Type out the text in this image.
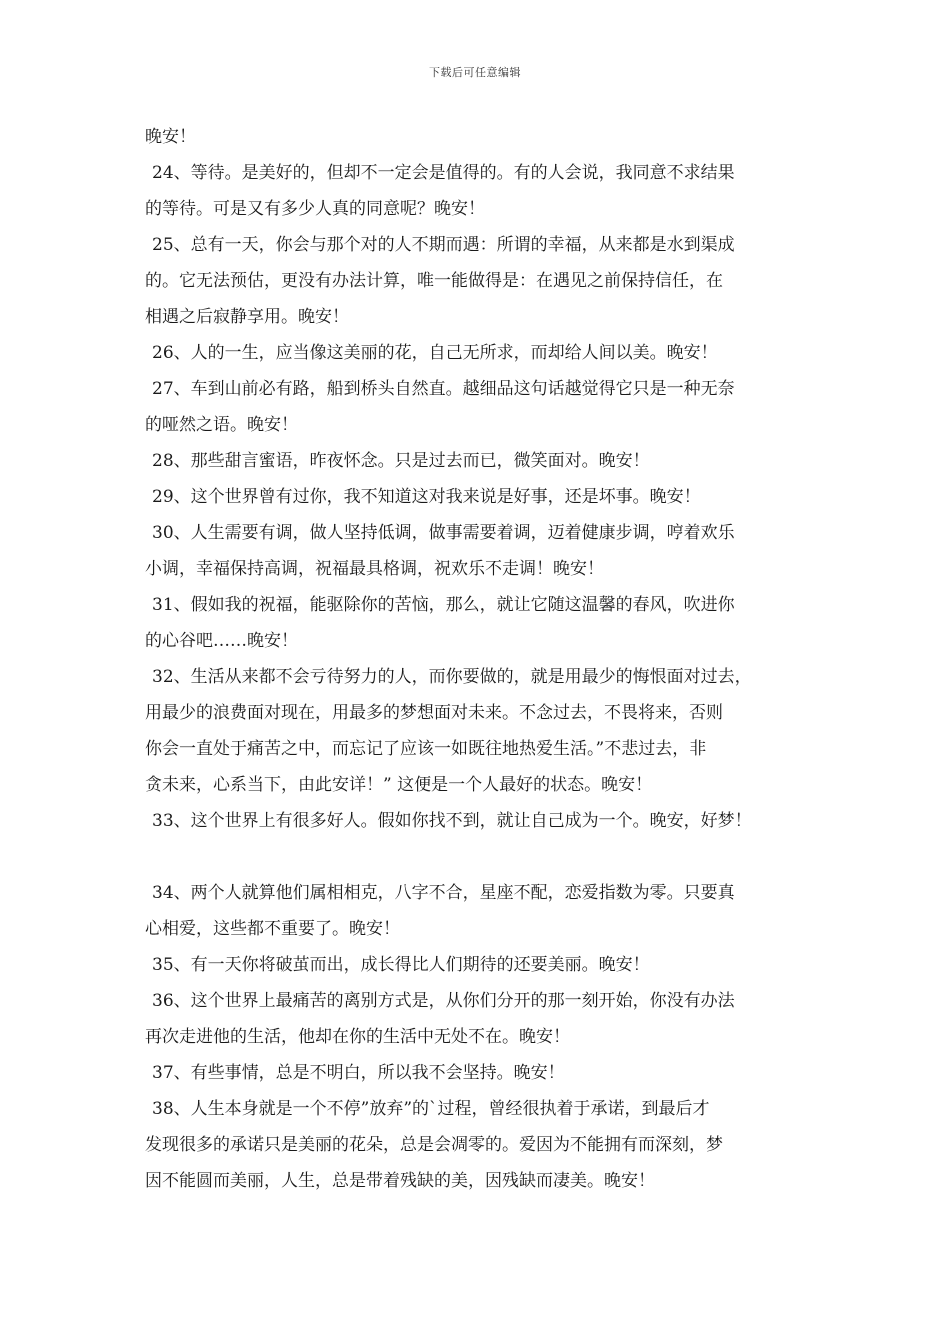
下载后可任意编辑
晚安！
24、等待。是美好的，但却不一定会是值得的。有的人会说，我同意不求结果
的等待。可是又有多少人真的同意呢？晚安！
25、总有一天，你会与那个对的人不期而遇：所谓的幸福，从来都是水到渠成
的。它无法预估，更没有办法计算，唯一能做得是：在遇见之前保持信任，在
相遇之后寂静享用。晚安！
26、人的一生，应当像这美丽的花，自己无所求，而却给人间以美。晚安！
27、车到山前必有路，船到桥头自然直。越细品这句话越觉得它只是一种无奈
的哑然之语。晚安！
28、那些甜言蜜语，昨夜怀念。只是过去而已，微笑面对。晚安！
29、这个世界曾有过你，我不知道这对我来说是好事，还是坏事。晚安！
30、人生需要有调，做人坚持低调，做事需要着调，迈着健康步调，哼着欢乐
小调，幸福保持高调，祝福最具格调，祝欢乐不走调！晚安！
31、假如我的祝福，能驱除你的苦恼，那么，就让它随这温馨的春风，吹进你
的心谷吧……晚安！
32、生活从来都不会亏待努力的人，而你要做的，就是用最少的悔恨面对过去，
用最少的浪费面对现在，用最多的梦想面对未来。不念过去，不畏将来，否则
你会一直处于痛苦之中，而忘记了应该一如既往地热爱生活。”不悲过去，非
贪未来，心系当下，由此安详！” 这便是一个人最好的状态。晚安！
33、这个世界上有很多好人。假如你找不到，就让自己成为一个。晚安，好梦！
34、两个人就算他们属相相克，八字不合，星座不配，恋爱指数为零。只要真
心相爱，这些都不重要了。晚安！
35、有一天你将破茧而出，成长得比人们期待的还要美丽。晚安！
36、这个世界上最痛苦的离别方式是，从你们分开的那一刻开始，你没有办法
再次走进他的生活，他却在你的生活中无处不在。晚安！
37、有些事情，总是不明白，所以我不会坚持。晚安！
38、人生本身就是一个不停”放弃”的`过程，曾经很执着于承诺，到最后才
发现很多的承诺只是美丽的花朵，总是会凋零的。爱因为不能拥有而深刻，梦
因不能圆而美丽，人生，总是带着残缺的美，因残缺而凄美。晚安！
